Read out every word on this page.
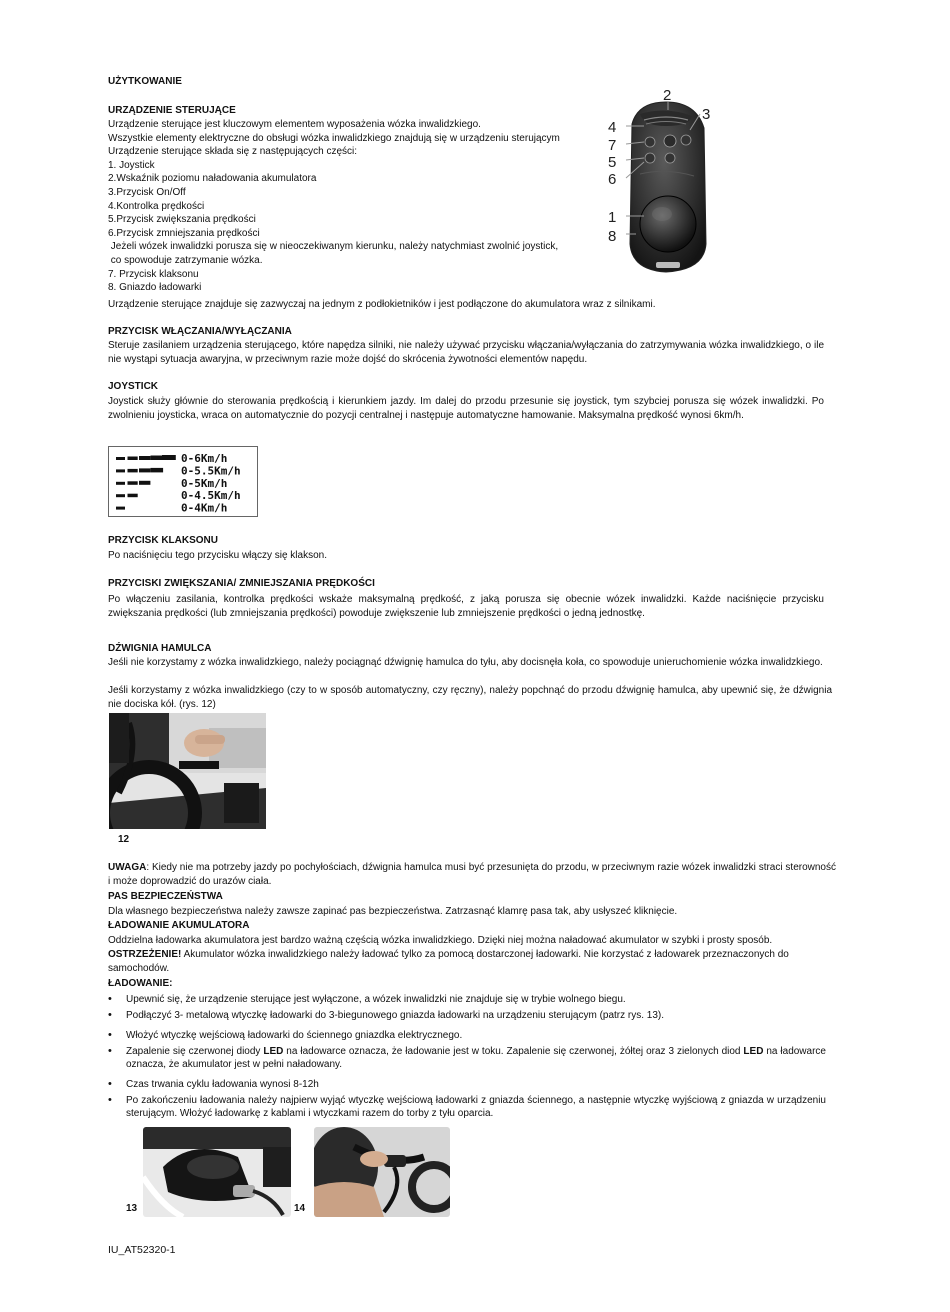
UŻYTKOWANIE
URZĄDZENIE STERUJĄCE
Urządzenie sterujące jest kluczowym elementem wyposażenia wózka inwalidzkiego.
Wszystkie elementy elektryczne do obsługi wózka inwalidzkiego znajdują się w urządzeniu sterującym
Urządzenie sterujące składa się z następujących części:
1. Joystick
2.Wskaźnik poziomu naładowania akumulatora
3.Przycisk On/Off
4.Kontrolka prędkości
5.Przycisk zwiększania prędkości
6.Przycisk zmniejszania prędkości
Jeżeli wózek inwalidzki porusza się w nieoczekiwanym kierunku, należy natychmiast zwolnić joystick,
co spowoduje zatrzymanie wózka.
7. Przycisk klaksonu
8. Gniazdo ładowarki
Urządzenie sterujące znajduje się zazwyczaj na jednym z podłokietników i jest podłączone do akumulatora wraz z silnikami.
2
3
4
7
5
6
1
8
PRZYCISK WŁĄCZANIA/WYŁĄCZANIA
Steruje zasilaniem urządzenia sterującego, które napędza silniki, nie należy używać przycisku włączania/wyłączania do zatrzymywania wózka inwalidzkiego, o ile nie wystąpi sytuacja awaryjna, w przeciwnym razie może dojść do skrócenia żywotności elementów napędu.
JOYSTICK
Joystick służy głównie do sterowania prędkością i kierunkiem jazdy. Im dalej do przodu przesunie się joystick, tym szybciej porusza się wózek inwalidzki. Po zwolnieniu joysticka, wraca on automatycznie do pozycji centralnej i następuje automatyczne hamowanie. Maksymalna prędkość wynosi 6km/h.
0-6Km/h
0-5.5Km/h
0-5Km/h
0-4.5Km/h
0-4Km/h
PRZYCISK KLAKSONU
Po naciśnięciu tego przycisku włączy się klakson.
PRZYCISKI ZWIĘKSZANIA/ ZMNIEJSZANIA PRĘDKOŚCI
Po włączeniu zasilania, kontrolka prędkości wskaże maksymalną prędkość, z jaką porusza się obecnie wózek inwalidzki. Każde naciśnięcie przycisku zwiększania prędkości (lub zmniejszania prędkości) powoduje zwiększenie lub zmniejszenie prędkości o jedną jednostkę.
DŹWIGNIA HAMULCA
Jeśli nie korzystamy z wózka inwalidzkiego, należy pociągnąć dźwignię hamulca do tyłu, aby docisnęła koła, co spowoduje unieruchomienie wózka inwalidzkiego.
Jeśli korzystamy z wózka inwalidzkiego (czy to w sposób automatyczny, czy ręczny), należy popchnąć do przodu dźwignię hamulca, aby upewnić się, że dźwignia nie dociska kół. (rys. 12)
12
UWAGA: Kiedy nie ma potrzeby jazdy po pochyłościach, dźwignia hamulca musi być przesunięta do przodu, w przeciwnym razie wózek inwalidzki straci sterowność i może doprowadzić do urazów ciała.
PAS BEZPIECZEŃSTWA
Dla własnego bezpieczeństwa należy zawsze zapinać pas bezpieczeństwa. Zatrzasnąć klamrę pasa tak, aby usłyszeć kliknięcie.
ŁADOWANIE AKUMULATORA
Oddzielna ładowarka akumulatora jest bardzo ważną częścią wózka inwalidzkiego. Dzięki niej można naładować akumulator w szybki i prosty sposób.
OSTRZEŻENIE! Akumulator wózka inwalidzkiego należy ładować tylko za pomocą dostarczonej ładowarki. Nie korzystać z ładowarek przeznaczonych do samochodów.
ŁADOWANIE:
• Upewnić się, że urządzenie sterujące jest wyłączone, a wózek inwalidzki nie znajduje się w trybie wolnego biegu.
• Podłączyć 3- metalową wtyczkę ładowarki do 3-biegunowego gniazda ładowarki na urządzeniu sterującym (patrz rys. 13).
• Włożyć wtyczkę wejściową ładowarki do ściennego gniazdka elektrycznego.
• Zapalenie się czerwonej diody LED na ładowarce oznacza, że ładowanie jest w toku. Zapalenie się czerwonej, żółtej oraz 3 zielonych diod LED na ładowarce oznacza, że akumulator jest w pełni naładowany.
• Czas trwania cyklu ładowania wynosi 8-12h
• Po zakończeniu ładowania należy najpierw wyjąć wtyczkę wejściową ładowarki z gniazda ściennego, a następnie wtyczkę wyjściową z gniazda w urządzeniu sterującym. Włożyć ładowarkę z kablami i wtyczkami razem do torby z tyłu oparcia.
13	14
IU_AT52320-1
